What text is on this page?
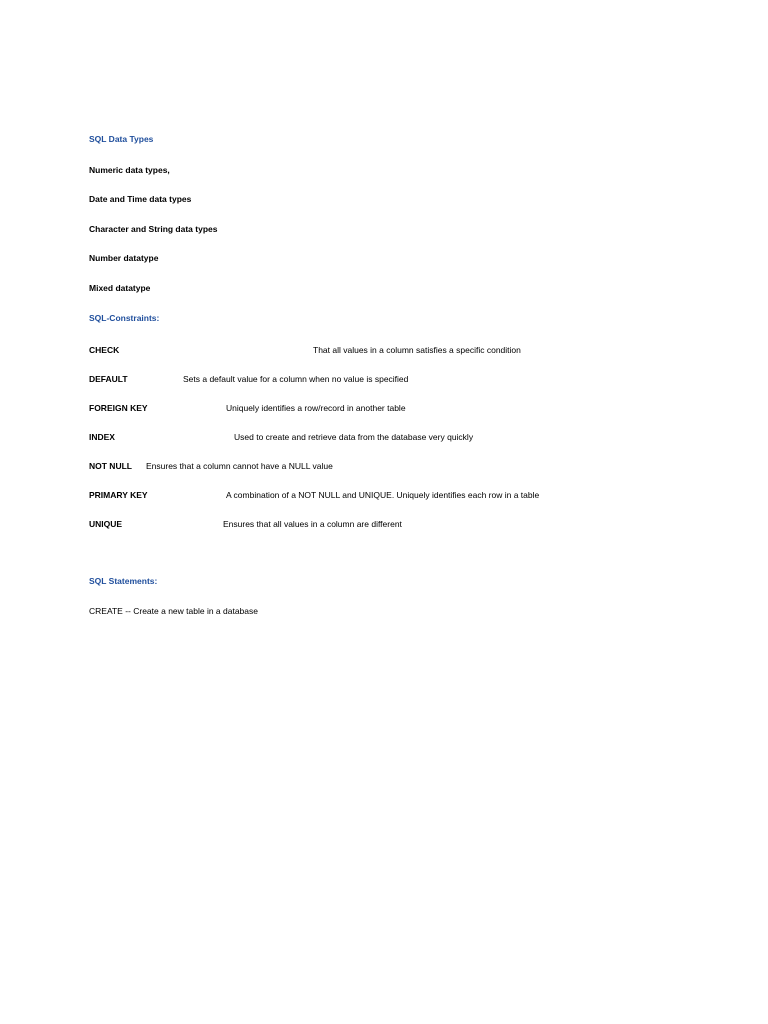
SQL Data Types
Numeric data types,
Date and Time data types
Character and String data types
Number datatype
Mixed datatype
SQL-Constraints:
CHECK	That all values in a column satisfies a specific condition
DEFAULT	Sets a default value for a column when no value is specified
FOREIGN KEY	Uniquely identifies a row/record in another table
INDEX	Used to create and retrieve data from the database very quickly
NOT NULL Ensures that a column cannot have a NULL value
PRIMARY KEY	A combination of a NOT NULL and UNIQUE. Uniquely identifies each row in a table
UNIQUE	Ensures that all values in a column are different
SQL Statements:
CREATE -- Create a new table in a database
